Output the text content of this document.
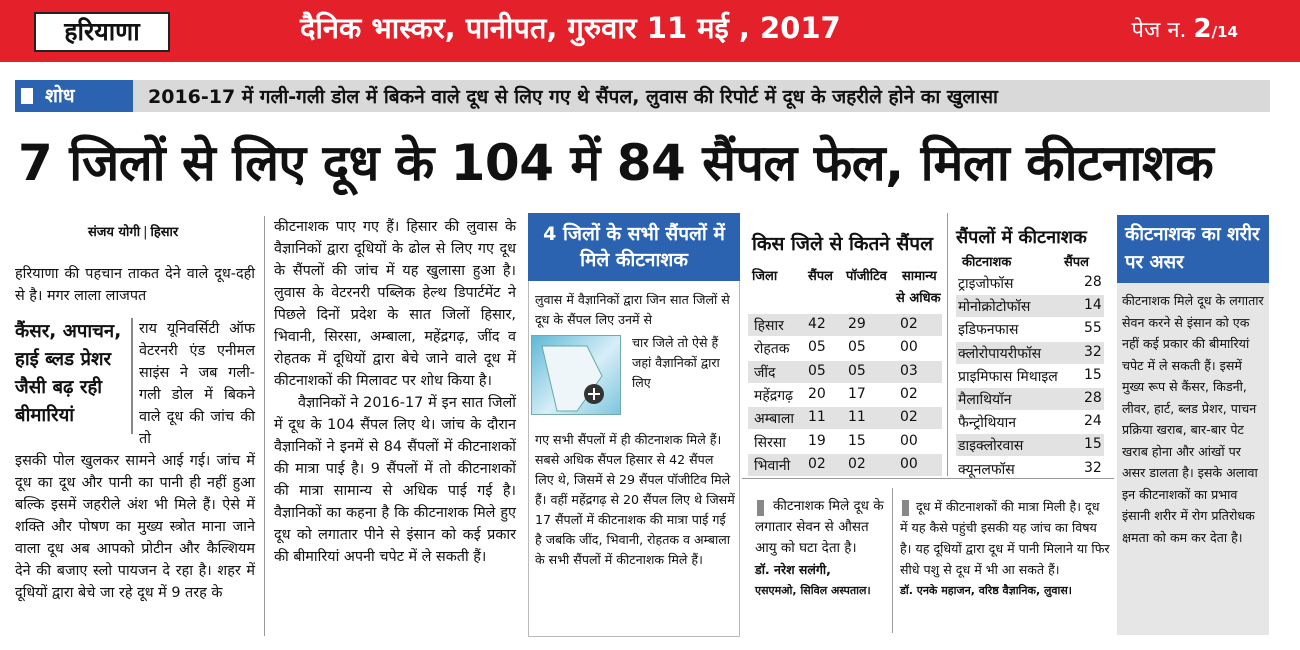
हरियाणा	दैनिक भास्कर, पानीपत, गुरुवार 11 मई , 2017	पेज न. 2/14
शोध	2016-17 में गली-गली डोल में बिकने वाले दूध से लिए गए थे सैंपल, लुवास की रिपोर्ट में दूध के जहरीले होने का खुलासा
7 जिलों से लिए दूध के 104 में 84 सैंपल फेल, मिला कीटनाशक
संजय योगी | हिसार
हरियाणा की पहचान ताकत देने वाले दूध-दही से है। मगर लाला लाजपत
कैंसर, अपाचन, हाई ब्लड प्रेशर जैसी बढ़ रही बीमारियां
राय यूनिवर्सिटी ऑफ वेटरनरी एंड एनीमल साइंस ने जब गली-गली डोल में बिकने वाले दूध की जांच की तो
इसकी पोल खुलकर सामने आई गई। जांच में दूध का दूध और पानी का पानी ही नहीं हुआ बल्कि इसमें जहरीले अंश भी मिले हैं। ऐसे में शक्ति और पोषण का मुख्य स्त्रोत माना जाने वाला दूध अब आपको प्रोटीन और कैल्शियम देने की बजाए स्लो पायजन दे रहा है। शहर में दूधियों द्वारा बेचे जा रहे दूध में 9 तरह के

कीटनाशक पाए गए हैं। हिसार की लुवास के वैज्ञानिकों द्वारा दूधियों के ढोल से लिए गए दूध के सैंपलों की जांच में यह खुलासा हुआ है। लुवास के वेटरनरी पब्लिक हेल्थ डिपार्टमेंट ने पिछले दिनों प्रदेश के सात जिलों हिसार, भिवानी, सिरसा, अम्बाला, महेंद्रगढ़, जींद व रोहतक में दूधियों द्वारा बेचे जाने वाले दूध में कीटनाशकों की मिलावट पर शोध किया है।

वैज्ञानिकों ने 2016-17 में इन सात जिलों में दूध के 104 सैंपल लिए थे। जांच के दौरान वैज्ञानिकों ने इनमें से 84 सैंपलों में कीटनाशकों की मात्रा पाई है। 9 सैंपलों में तो कीटनाशकों की मात्रा सामान्य से अधिक पाई गई है। वैज्ञानिकों का कहना है कि कीटनाशक मिले हुए दूध को लगातार पीने से इंसान को कई प्रकार की बीमारियां अपनी चपेट में ले सकती हैं।

4 जिलों के सभी सैंपलों में मिले कीटनाशक
लुवास में वैज्ञानिकों द्वारा जिन सात जिलों से दूध के सैंपल लिए उनमें से
चार जिले तो ऐसे हैं जहां वैज्ञानिकों द्वारा लिए
गए सभी सैंपलों में ही कीटनाशक मिले हैं। सबसे अधिक सैंपल हिसार से 42 सैंपल लिए थे, जिसमें से 29 सैंपल पॉजीटिव मिले हैं। वहीं महेंद्रगढ़ से 20 सैंपल लिए थे जिसमें 17 सैंपलों में कीटनाशक की मात्रा पाई गई है जबकि जींद, भिवानी, रोहतक व अम्बाला के सभी सैंपलों में कीटनाशक मिले हैं।
किस जिले से कितने सैंपल
जिला सैंपल पॉजीटिव सामान्य
से अधिक
हिसार 42 29 02
रोहतक 05 05 00
जींद 05 05 03
महेंद्रगढ़ 20 17 02
अम्बाला 11 11 02
सिरसा 19 15 00
भिवानी 02 02 00
सैंपलों में कीटनाशक
कीटनाशक	सैंपल
ट्राइजोफॉस	28
मोनोक्रोटोफॉस	14
इडिफनफास	55
क्लोरोपायरीफॉस	32
प्राइमिफास मिथाइल 15
मैलाथियॉन	28
फैन्ट्रोथियान	24
डाइक्लोरवास	15
क्यूनलफॉस	32
कीटनाशक का शरीर पर असर
कीटनाशक मिले दूध के लगातार सेवन करने से इंसान को एक नहीं कई प्रकार की बीमारियां चपेट में ले सकती हैं। इसमें मुख्य रूप से कैंसर, किडनी, लीवर, हार्ट, ब्लड प्रेशर, पाचन प्रक्रिया खराब, बार-बार पेट खराब होना और आंखों पर असर डालता है। इसके अलावा इन कीटनाशकों का प्रभाव इंसानी शरीर में रोग प्रतिरोधक क्षमता को कम कर देता है।
कीटनाशक मिले दूध के लगातार सेवन से औसत आयु को घटा देता है।
डॉ. नरेश सलंगी,
एसएमओ, सिविल अस्पताल।
दूध में कीटनाशकों की मात्रा मिली है। दूध में यह कैसे पहुंची इसकी यह जांच का विषय है। यह दूधियों द्वारा दूध में पानी मिलाने या फिर सीधे पशु से दूध में भी आ सकते हैं।
डॉ. एनके महाजन, वरिष्ठ वैज्ञानिक, लुवास।
